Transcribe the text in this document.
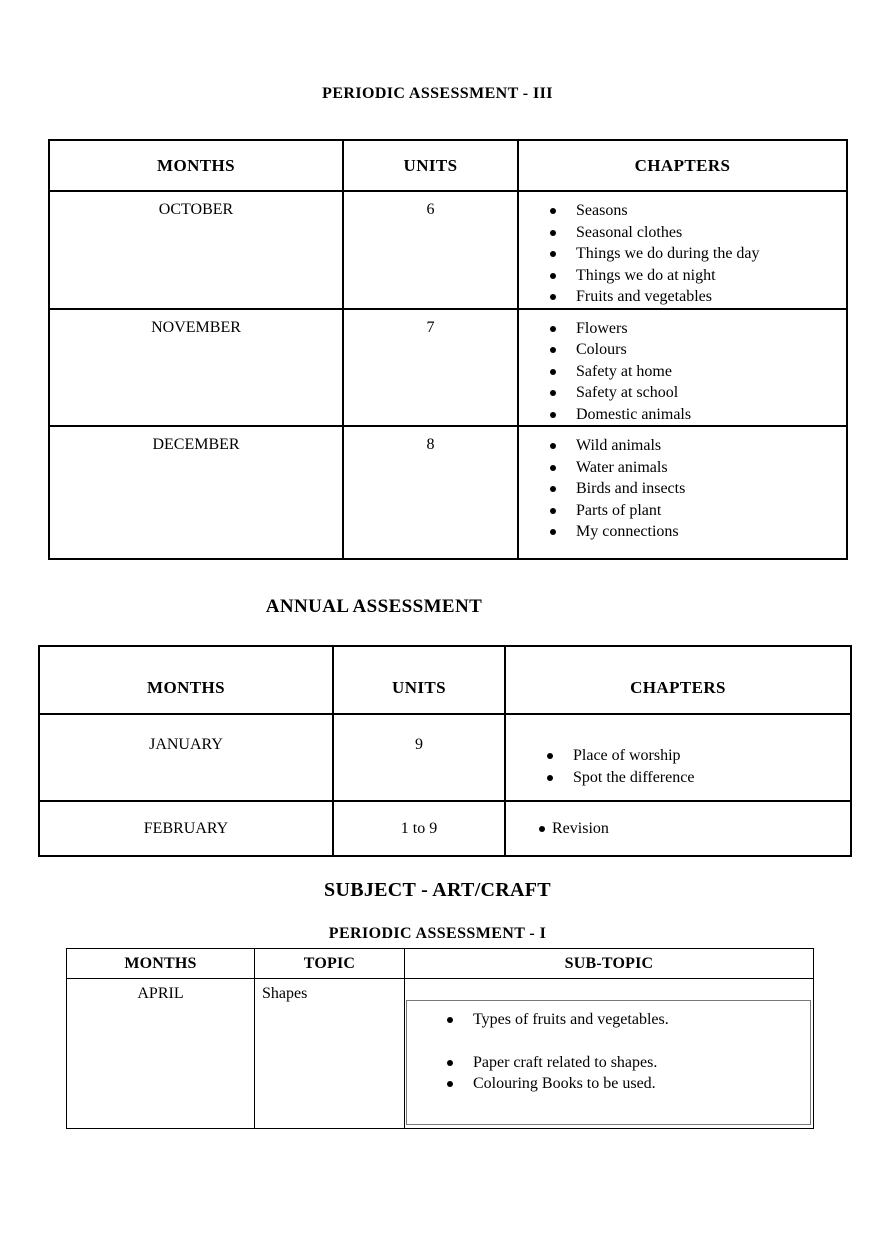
PERIODIC ASSESSMENT - III
MONTHS	UNITS	CHAPTERS
OCTOBER	6	Seasons
Seasonal clothes
Things we do during the day
Things we do at night
Fruits and vegetables

NOVEMBER	7	Flowers
Colours
Safety at home
Safety at school
Domestic animals

DECEMBER	8	Wild animals
Water animals
Birds and insects
Parts of plant
My connections
ANNUAL ASSESSMENT
MONTHS	UNITS	CHAPTERS
JANUARY	9	
Place of worship
Spot the difference

FEBRUARY	1 to 9	Revision
SUBJECT - ART/CRAFT
PERIODIC ASSESSMENT - I
MONTHS	TOPIC	SUB-TOPIC
APRIL	Shapes	
Types of fruits and vegetables.
Paper craft related to shapes.
Colouring Books to be used.
